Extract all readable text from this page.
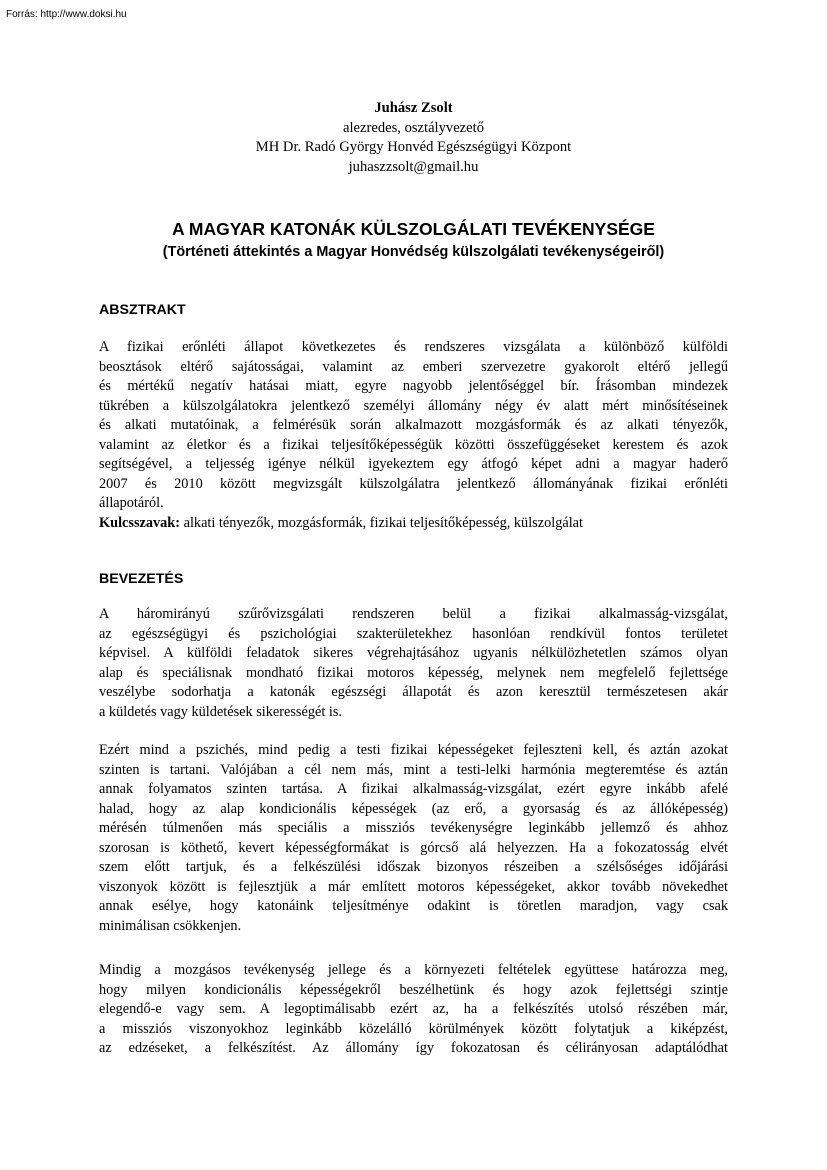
Forrás: http://www.doksi.hu
Juhász Zsolt
alezredes, osztályvezető
MH Dr. Radó György Honvéd Egészségügyi Központ
juhaszzsolt@gmail.hu
A MAGYAR KATONÁK KÜLSZOLGÁLATI TEVÉKENYSÉGE
(Történeti áttekintés a Magyar Honvédség külszolgálati tevékenységeiről)
ABSZTRAKT
A fizikai erőnléti állapot következetes és rendszeres vizsgálata a különböző külföldi
beosztások eltérő sajátosságai, valamint az emberi szervezetre gyakorolt eltérő jellegű
és mértékű negatív hatásai miatt, egyre nagyobb jelentőséggel bír. Írásomban mindezek
tükrében a külszolgálatokra jelentkező személyi állomány négy év alatt mért minősítéseinek
és alkati mutatóinak, a felmérésük során alkalmazott mozgásformák és az alkati tényezők,
valamint az életkor és a fizikai teljesítőképességük közötti összefüggéseket kerestem és azok
segítségével, a teljesség igénye nélkül igyekeztem egy átfogó képet adni a magyar haderő
2007 és 2010 között megvizsgált külszolgálatra jelentkező állományának fizikai erőnléti
állapotáról.
Kulcsszavak: alkati tényezők, mozgásformák, fizikai teljesítőképesség, külszolgálat
BEVEZETÉS
A háromirányú szűrővizsgálati rendszeren belül a fizikai alkalmasság-vizsgálat,
az egészségügyi és pszichológiai szakterületekhez hasonlóan rendkívül fontos területet
képvisel. A külföldi feladatok sikeres végrehajtásához ugyanis nélkülözhetetlen számos olyan
alap és speciálisnak mondható fizikai motoros képesség, melynek nem megfelelő fejlettsége
veszélybe sodorhatja a katonák egészségi állapotát és azon keresztül természetesen akár
a küldetés vagy küldetések sikerességét is.
Ezért mind a pszichés, mind pedig a testi fizikai képességeket fejleszteni kell, és aztán azokat
szinten is tartani. Valójában a cél nem más, mint a testi-lelki harmónia megteremtése és aztán
annak folyamatos szinten tartása. A fizikai alkalmasság-vizsgálat, ezért egyre inkább afelé
halad, hogy az alap kondicionális képességek (az erő, a gyorsaság és az állóképesség)
mérésén túlmenően más speciális a missziós tevékenységre leginkább jellemző és ahhoz
szorosan is köthető, kevert képességformákat is górcső alá helyezzen. Ha a fokozatosság elvét
szem előtt tartjuk, és a felkészülési időszak bizonyos részeiben a szélsőséges időjárási
viszonyok között is fejlesztjük a már említett motoros képességeket, akkor tovább növekedhet
annak esélye, hogy katonáink teljesítménye odakint is töretlen maradjon, vagy csak
minimálisan csökkenjen.
Mindig a mozgásos tevékenység jellege és a környezeti feltételek együttese határozza meg,
hogy milyen kondicionális képességekről beszélhetünk és hogy azok fejlettségi szintje
elegendő-e vagy sem. A legoptimálisabb ezért az, ha a felkészítés utolsó részében már,
a missziós viszonyokhoz leginkább közelálló körülmények között folytatjuk a kiképzést,
az edzéseket, a felkészítést. Az állomány így fokozatosan és célirányosan adaptálódhat
